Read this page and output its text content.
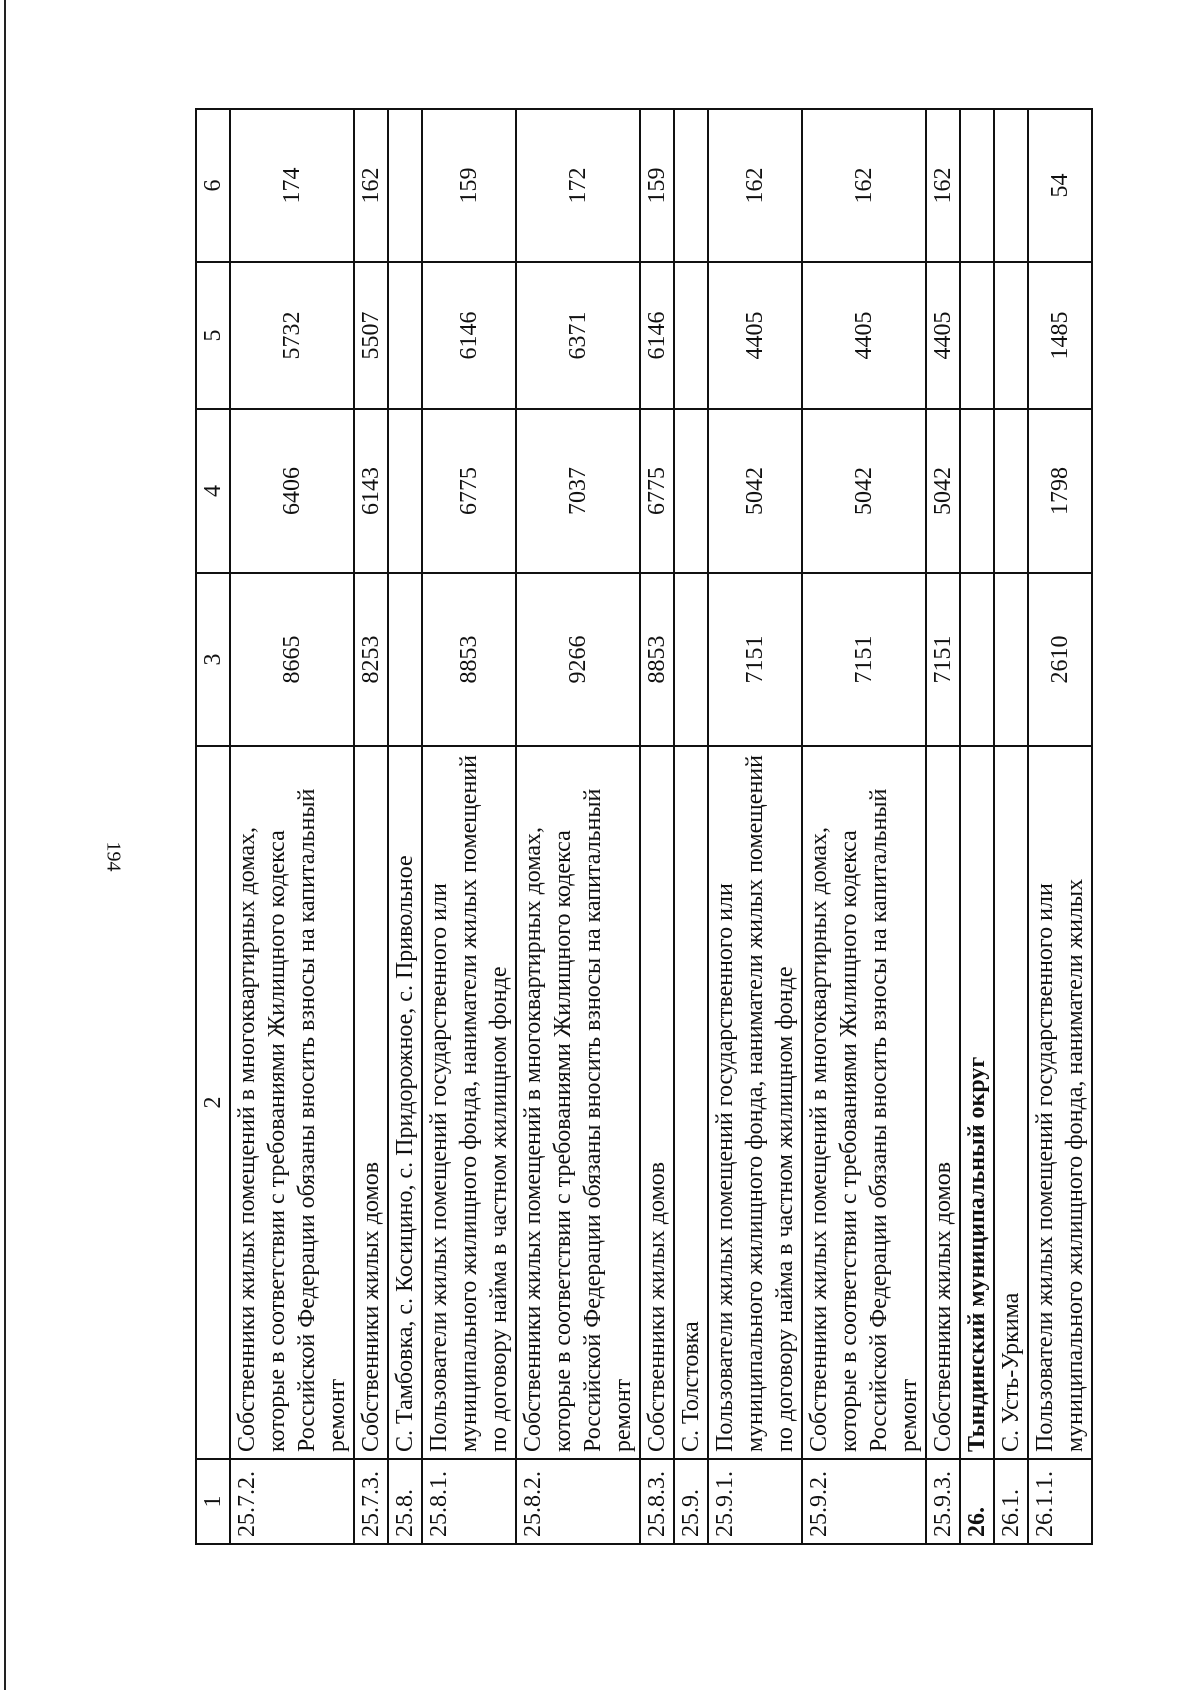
194
1	2	3	4	5	6
25.7.2.	Собственники жилых помещений в многоквартирных домах, которые в соответствии с требованиями Жилищного кодекса Российской Федерации обязаны вносить взносы на капитальный ремонт	8665	6406	5732	174
25.7.3.	Собственники жилых домов	8253	6143	5507	162
25.8.	С. Тамбовка, с. Косицино, с. Придорожное, с. Привольное				
25.8.1.	Пользователи жилых помещений государственного или муниципального жилищного фонда, наниматели жилых помещений по договору найма в частном жилищном фонде	8853	6775	6146	159
25.8.2.	Собственники жилых помещений в многоквартирных домах, которые в соответствии с требованиями Жилищного кодекса Российской Федерации обязаны вносить взносы на капитальный ремонт	9266	7037	6371	172
25.8.3.	Собственники жилых домов	8853	6775	6146	159
25.9.	С. Толстовка				
25.9.1.	Пользователи жилых помещений государственного или муниципального жилищного фонда, наниматели жилых помещений по договору найма в частном жилищном фонде	7151	5042	4405	162
25.9.2.	Собственники жилых помещений в многоквартирных домах, которые в соответствии с требованиями Жилищного кодекса Российской Федерации обязаны вносить взносы на капитальный ремонт	7151	5042	4405	162
25.9.3.	Собственники жилых домов	7151	5042	4405	162
26.	Тындинский муниципальный округ				
26.1.	С. Усть-Уркима				
26.1.1.	Пользователи жилых помещений государственного или муниципального жилищного фонда, наниматели жилых	2610	1798	1485	54
